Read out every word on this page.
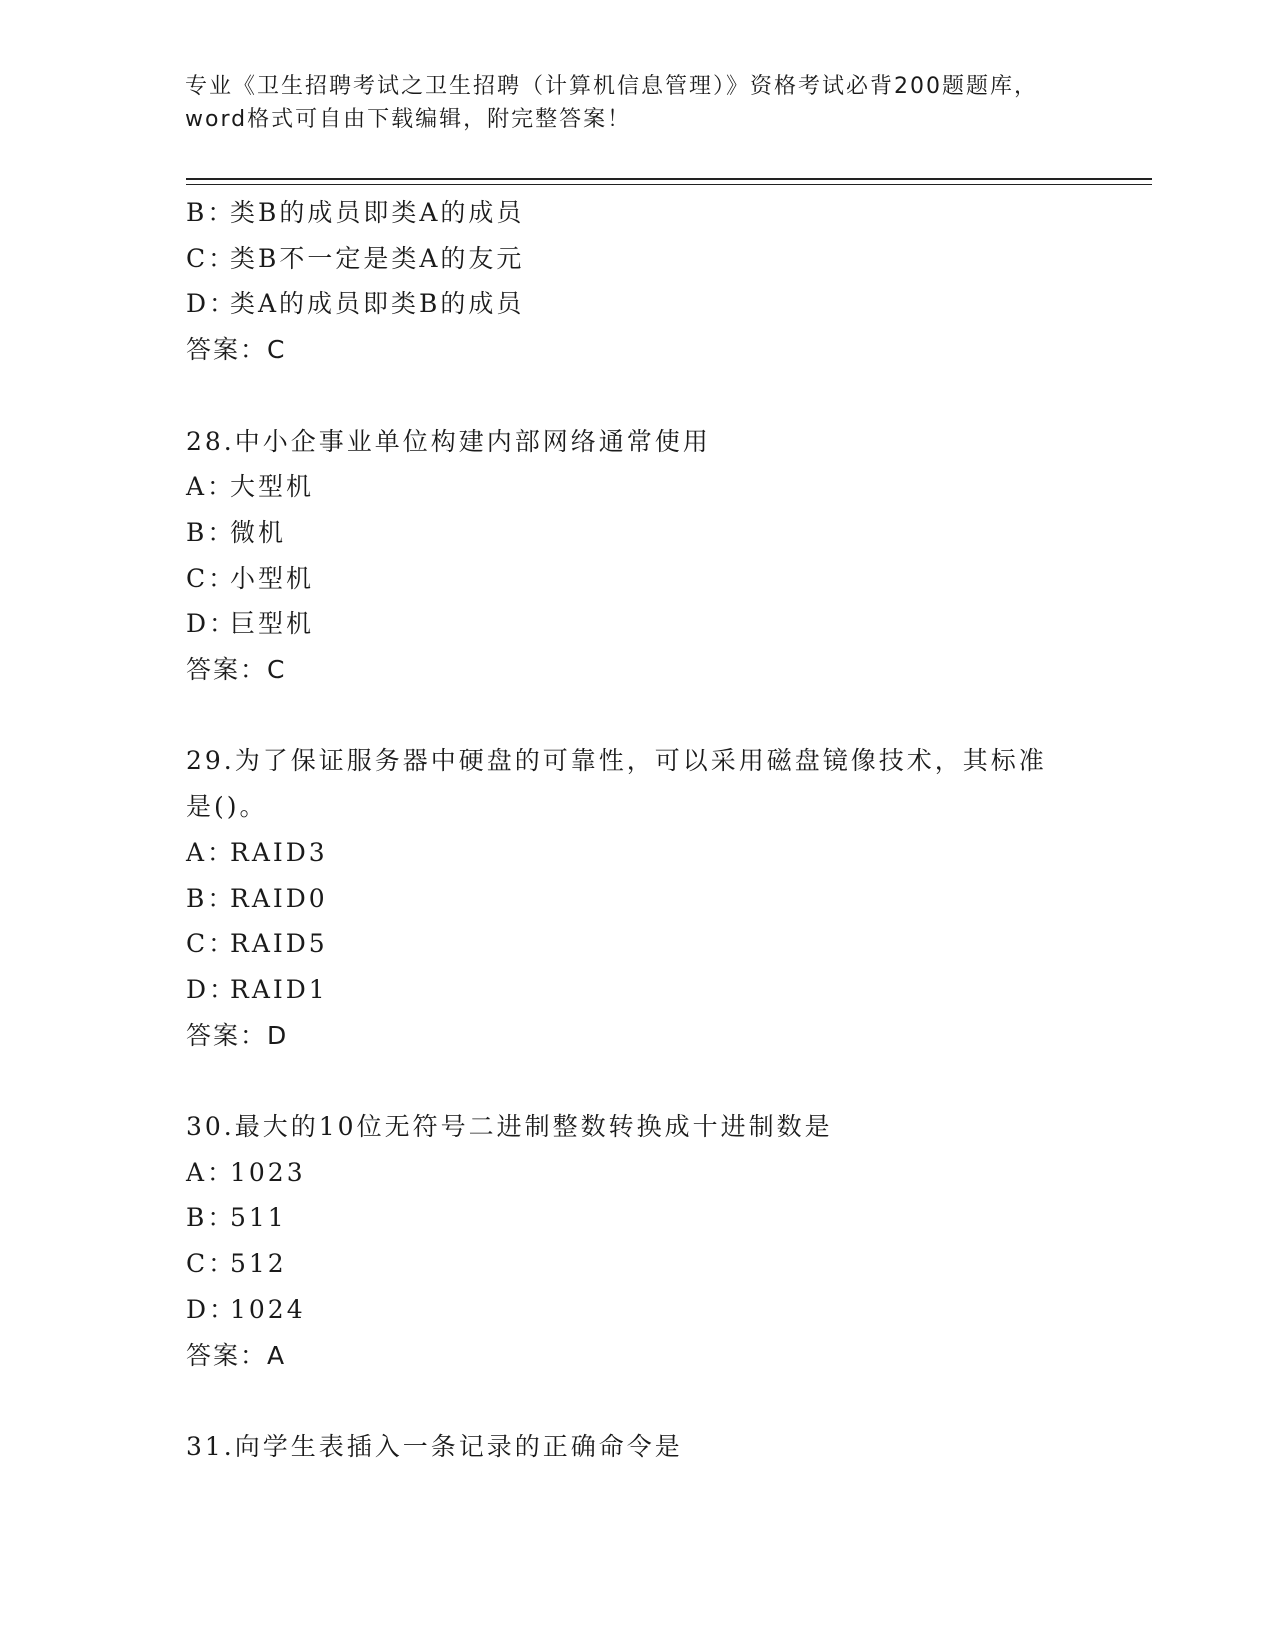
专业《卫生招聘考试之卫生招聘（计算机信息管理）》资格考试必背200题题库，
word格式可自由下载编辑，附完整答案！
B：类B的成员即类A的成员
C：类B不一定是类A的友元
D：类A的成员即类B的成员
答案：C
28.中小企事业单位构建内部网络通常使用
A：大型机
B：微机
C：小型机
D：巨型机
答案：C
29.为了保证服务器中硬盘的可靠性，可以采用磁盘镜像技术，其标准
是()。
A：RAID3
B：RAID0
C：RAID5
D：RAID1
答案：D
30.最大的10位无符号二进制整数转换成十进制数是
A：1023
B：511
C：512
D：1024
答案：A
31.向学生表插入一条记录的正确命令是
